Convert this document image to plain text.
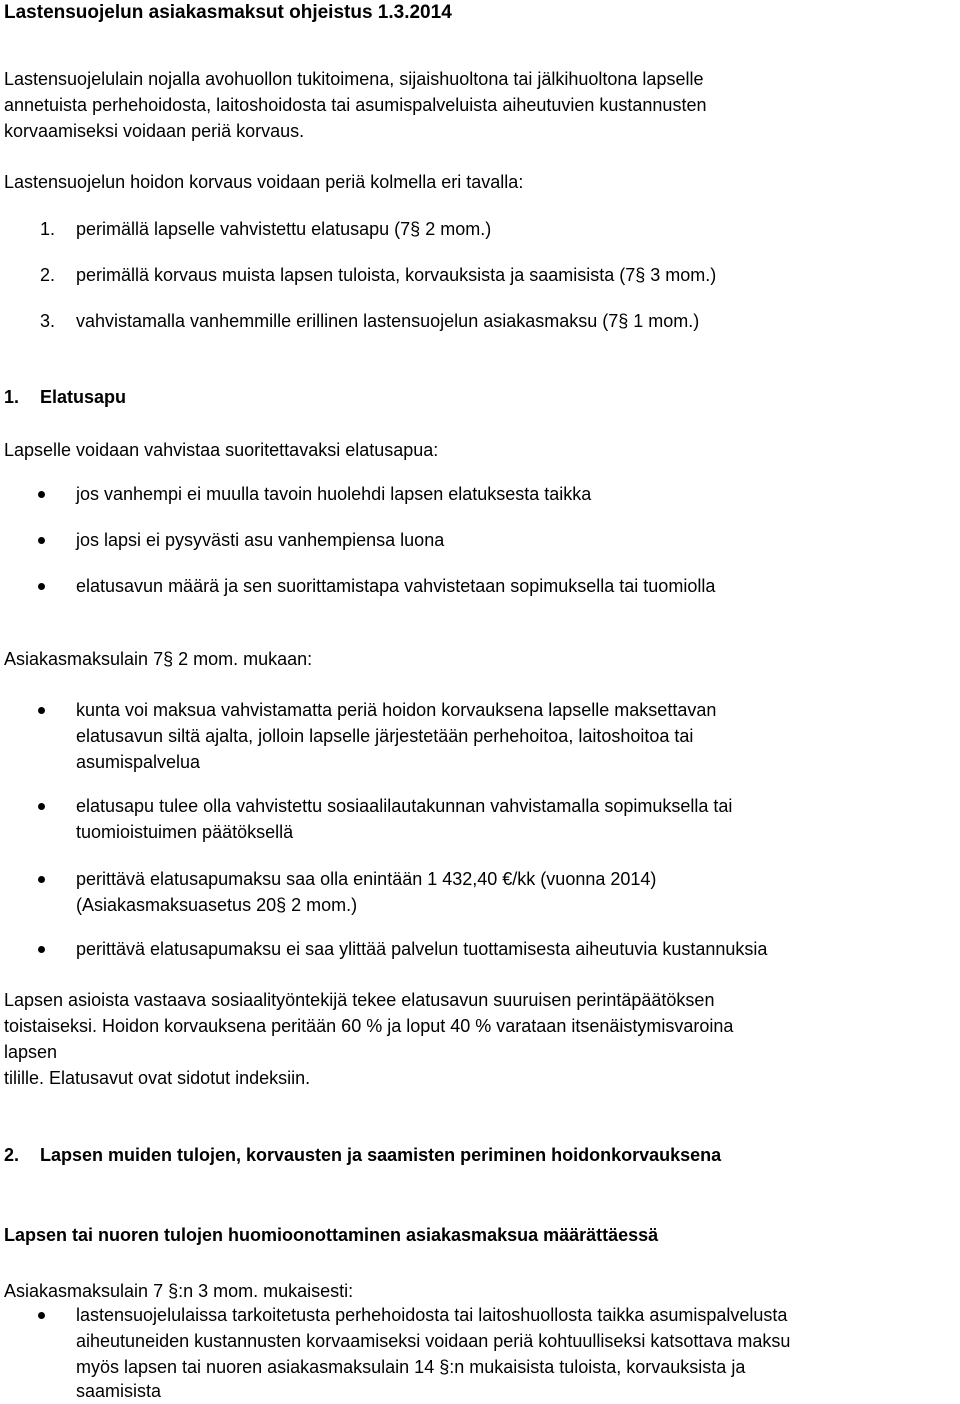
Lastensuojelun asiakasmaksut ohjeistus 1.3.2014
Lastensuojelulain nojalla avohuollon tukitoimena, sijaishuoltona tai jälkihuoltona lapselle
annetuista perhehoidosta, laitoshoidosta tai asumispalveluista aiheutuvien kustannusten
korvaamiseksi voidaan periä korvaus.
Lastensuojelun hoidon korvaus voidaan periä kolmella eri tavalla:
1. perimällä lapselle vahvistettu elatusapu (7§ 2 mom.)
2. perimällä korvaus muista lapsen tuloista, korvauksista ja saamisista (7§ 3 mom.)
3. vahvistamalla vanhemmille erillinen lastensuojelun asiakasmaksu (7§ 1 mom.)
1. Elatusapu
Lapselle voidaan vahvistaa suoritettavaksi elatusapua:
jos vanhempi ei muulla tavoin huolehdi lapsen elatuksesta taikka
jos lapsi ei pysyvästi asu vanhempiensa luona
elatusavun määrä ja sen suorittamistapa vahvistetaan sopimuksella tai tuomiolla
Asiakasmaksulain 7§ 2 mom. mukaan:
kunta voi maksua vahvistamatta periä hoidon korvauksena lapselle maksettavan
elatusavun siltä ajalta, jolloin lapselle järjestetään perhehoitoa, laitoshoitoa tai
asumispalvelua
elatusapu tulee olla vahvistettu sosiaalilautakunnan vahvistamalla sopimuksella tai
tuomioistuimen päätöksellä
perittävä elatusapumaksu saa olla enintään 1 432,40 €/kk (vuonna 2014)
(Asiakasmaksuasetus 20§ 2 mom.)
perittävä elatusapumaksu ei saa ylittää palvelun tuottamisesta aiheutuvia kustannuksia
Lapsen asioista vastaava sosiaalityöntekijä tekee elatusavun suuruisen perintäpäätöksen
toistaiseksi. Hoidon korvauksena peritään 60 % ja loput 40 % varataan itsenäistymisvaroina
lapsen
tilille. Elatusavut ovat sidotut indeksiin.
2. Lapsen muiden tulojen, korvausten ja saamisten periminen hoidonkorvauksena
Lapsen tai nuoren tulojen huomioonottaminen asiakasmaksua määrättäessä
Asiakasmaksulain 7 §:n 3 mom. mukaisesti:
lastensuojelulaissa tarkoitetusta perhehoidosta tai laitoshuollosta taikka asumispalvelusta
aiheutuneiden kustannusten korvaamiseksi voidaan periä kohtuulliseksi katsottava maksu
myös lapsen tai nuoren asiakasmaksulain 14 §:n mukaisista tuloista, korvauksista ja
saamisista
